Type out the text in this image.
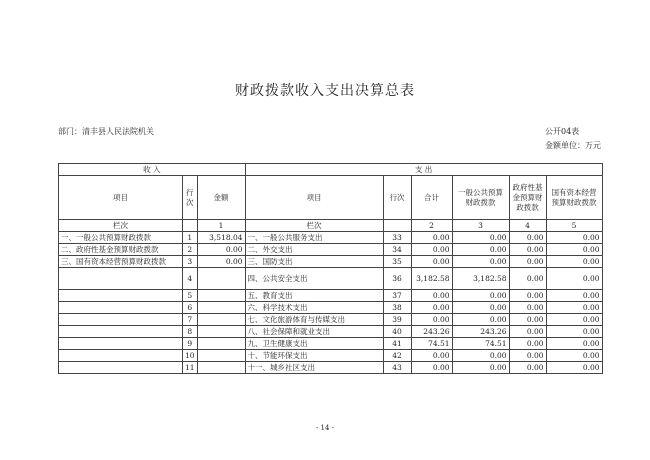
财政拨款收入支出决算总表
部门：清丰县人民法院机关	公开04表
金额单位：万元
收 入			支 出					
项目	行次	金额	项目	行次	合计	一般公共预算财政拨款	政府性基金预算财政拨款	国有资本经营预算财政拨款
栏次		1	栏次		2	3	4	5
一、一般公共预算财政拨款	1	3,518.04	一、一般公共服务支出	33	0.00	0.00	0.00	0.00
二、政府性基金预算财政拨款	2	0.00	二、外交支出	34	0.00	0.00	0.00	0.00
三、国有资本经营预算财政拨款	3	0.00	三、国防支出	35	0.00	0.00	0.00	0.00
	4		四、公共安全支出	36	3,182.58	3,182.58	0.00	0.00
	5		五、教育支出	37	0.00	0.00	0.00	0.00
	6		六、科学技术支出	38	0.00	0.00	0.00	0.00
	7		七、文化旅游体育与传媒支出	39	0.00	0.00	0.00	0.00
	8		八、社会保障和就业支出	40	243.26	243.26	0.00	0.00
	9		九、卫生健康支出	41	74.51	74.51	0.00	0.00
	10		十、节能环保支出	42	0.00	0.00	0.00	0.00
	11		十一、城乡社区支出	43	0.00	0.00	0.00	0.00
- 14 -
